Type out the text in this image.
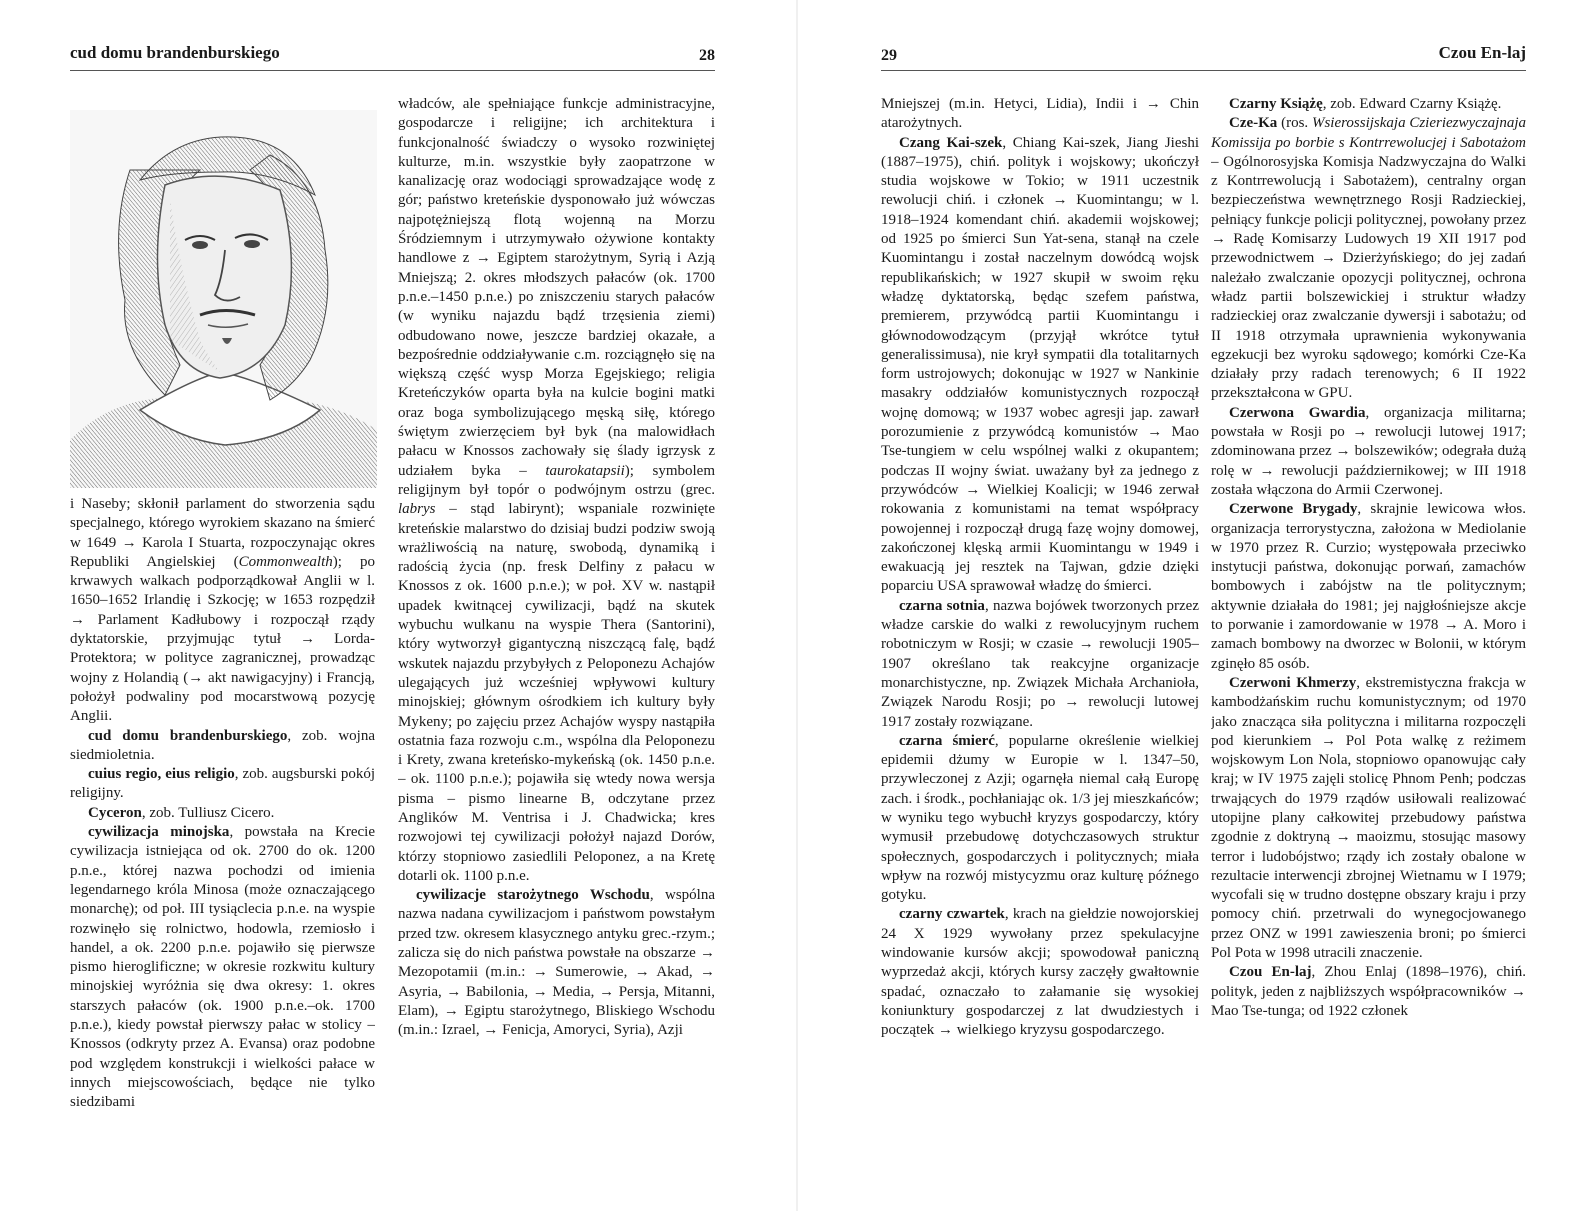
cud domu brandenburskiego	28

i Naseby; skłonił parlament do stworzenia sądu specjalnego, którego wyrokiem skazano na śmierć w 1649 → Karola I Stuarta, rozpoczynając okres Republiki Angielskiej (Commonwealth); po krwawych walkach podporządkował Anglii w l. 1650–1652 Irlandię i Szkocję; w 1653 rozpędził → Parlament Kadłubowy i rozpoczął rządy dyktatorskie, przyjmując tytuł → Lorda-Protektora; w polityce zagranicznej, prowadząc wojny z Holandią (→ akt nawigacyjny) i Francją, położył podwaliny pod mocarstwową pozycję Anglii.

cud domu brandenburskiego, zob. wojna siedmioletnia.

cuius regio, eius religio, zob. augsburski pokój religijny.

Cyceron, zob. Tulliusz Cicero.

cywilizacja minojska, powstała na Krecie cywilizacja istniejąca od ok. 2700 do ok. 1200 p.n.e., której nazwa pochodzi od imienia legendarnego króla Minosa (może oznaczającego monarchę); od poł. III tysiąclecia p.n.e. na wyspie rozwinęło się rolnictwo, hodowla, rzemiosło i handel, a ok. 2200 p.n.e. pojawiło się pierwsze pismo hieroglificzne; w okresie rozkwitu kultury minojskiej wyróżnia się dwa okresy: 1. okres starszych pałaców (ok. 1900 p.n.e.–ok. 1700 p.n.e.), kiedy powstał pierwszy pałac w stolicy – Knossos (odkryty przez A. Evansa) oraz podobne pod względem konstrukcji i wielkości pałace w innych miejscowościach, będące nie tylko siedzibami

władców, ale spełniające funkcje administracyjne, gospodarcze i religijne; ich architektura i funkcjonalność świadczy o wysoko rozwiniętej kulturze, m.in. wszystkie były zaopatrzone w kanalizację oraz wodociągi sprowadzające wodę z gór; państwo kreteńskie dysponowało już wówczas najpotężniejszą flotą wojenną na Morzu Śródziemnym i utrzymywało ożywione kontakty handlowe z → Egiptem starożytnym, Syrią i Azją Mniejszą; 2. okres młodszych pałaców (ok. 1700 p.n.e.–1450 p.n.e.) po zniszczeniu starych pałaców (w wyniku najazdu bądź trzęsienia ziemi) odbudowano nowe, jeszcze bardziej okazałe, a bezpośrednie oddziaływanie c.m. rozciągnęło się na większą część wysp Morza Egejskiego; religia Kreteńczyków oparta była na kulcie bogini matki oraz boga symbolizującego męską siłę, którego świętym zwierzęciem był byk (na malowidłach pałacu w Knossos zachowały się ślady igrzysk z udziałem byka – taurokatapsii); symbolem religijnym był topór o podwójnym ostrzu (grec. labrys – stąd labirynt); wspaniale rozwinięte kreteńskie malarstwo do dzisiaj budzi podziw swoją wrażliwością na naturę, swobodą, dynamiką i radością życia (np. fresk Delfiny z pałacu w Knossos z ok. 1600 p.n.e.); w poł. XV w. nastąpił upadek kwitnącej cywilizacji, bądź na skutek wybuchu wulkanu na wyspie Thera (Santorini), który wytworzył gigantyczną niszczącą falę, bądź wskutek najazdu przybyłych z Peloponezu Achajów ulegających już wcześniej wpływowi kultury minojskiej; głównym ośrodkiem ich kultury były Mykeny; po zajęciu przez Achajów wyspy nastąpiła ostatnia faza rozwoju c.m., wspólna dla Peloponezu i Krety, zwana kreteńsko-mykeńską (ok. 1450 p.n.e. – ok. 1100 p.n.e.); pojawiła się wtedy nowa wersja pisma – pismo linearne B, odczytane przez Anglików M. Ventrisa i J. Chadwicka; kres rozwojowi tej cywilizacji położył najazd Dorów, którzy stopniowo zasiedlili Peloponez, a na Kretę dotarli ok. 1100 p.n.e.

cywilizacje starożytnego Wschodu, wspólna nazwa nadana cywilizacjom i państwom powstałym przed tzw. okresem klasycznego antyku grec.-rzym.; zalicza się do nich państwa powstałe na obszarze → Mezopotamii (m.in.: → Sumerowie, → Akad, → Asyria, → Babilonia, → Media, → Persja, Mitanni, Elam), → Egiptu starożytnego, Bliskiego Wschodu (m.in.: Izrael, → Fenicja, Amoryci, Syria), Azji

29	Czou En-laj

Mniejszej (m.in. Hetyci, Lidia), Indii i → Chin atarożytnych.

Czang Kai-szek, Chiang Kai-szek, Jiang Jieshi (1887–1975), chiń. polityk i wojskowy; ukończył studia wojskowe w Tokio; w 1911 uczestnik rewolucji chiń. i członek → Kuomintangu; w l. 1918–1924 komendant chiń. akademii wojskowej; od 1925 po śmierci Sun Yat-sena, stanął na czele Kuomintangu i został naczelnym dowódcą wojsk republikańskich; w 1927 skupił w swoim ręku władzę dyktatorską, będąc szefem państwa, premierem, przywódcą partii Kuomintangu i głównodowodzącym (przyjął wkrótce tytuł generalissimusa), nie krył sympatii dla totalitarnych form ustrojowych; dokonując w 1927 w Nankinie masakry oddziałów komunistycznych rozpoczął wojnę domową; w 1937 wobec agresji jap. zawarł porozumienie z przywódcą komunistów → Mao Tse-tungiem w celu wspólnej walki z okupantem; podczas II wojny świat. uważany był za jednego z przywódców → Wielkiej Koalicji; w 1946 zerwał rokowania z komunistami na temat współpracy powojennej i rozpoczął drugą fazę wojny domowej, zakończonej klęską armii Kuomintangu w 1949 i ewakuacją jej resztek na Tajwan, gdzie dzięki poparciu USA sprawował władzę do śmierci.

czarna sotnia, nazwa bojówek tworzonych przez władze carskie do walki z rewolucyjnym ruchem robotniczym w Rosji; w czasie → rewolucji 1905–1907 określano tak reakcyjne organizacje monarchistyczne, np. Związek Michała Archanioła, Związek Narodu Rosji; po → rewolucji lutowej 1917 zostały rozwiązane.

czarna śmierć, popularne określenie wielkiej epidemii dżumy w Europie w l. 1347–50, przywleczonej z Azji; ogarnęła niemal całą Europę zach. i środk., pochłaniając ok. 1/3 jej mieszkańców; w wyniku tego wybuchł kryzys gospodarczy, który wymusił przebudowę dotychczasowych struktur społecznych, gospodarczych i politycznych; miała wpływ na rozwój mistycyzmu oraz kulturę późnego gotyku.

czarny czwartek, krach na giełdzie nowojorskiej 24 X 1929 wywołany przez spekulacyjne windowanie kursów akcji; spowodował paniczną wyprzedaż akcji, których kursy zaczęły gwałtownie spadać, oznaczało to załamanie się wysokiej koniunktury gospodarczej z lat dwudziestych i początek → wielkiego kryzysu gospodarczego.

Czarny Książę, zob. Edward Czarny Książę.

Cze-Ka (ros. Wsierossijskaja Czieriezwyczajnaja Komissija po borbie s Kontrrewolucjej i Sabotażom – Ogólnorosyjska Komisja Nadzwyczajna do Walki z Kontrrewolucją i Sabotażem), centralny organ bezpieczeństwa wewnętrznego Rosji Radzieckiej, pełniący funkcje policji politycznej, powołany przez → Radę Komisarzy Ludowych 19 XII 1917 pod przewodnictwem → Dzierżyńskiego; do jej zadań należało zwalczanie opozycji politycznej, ochrona władz partii bolszewickiej i struktur władzy radzieckiej oraz zwalczanie dywersji i sabotażu; od II 1918 otrzymała uprawnienia wykonywania egzekucji bez wyroku sądowego; komórki Cze-Ka działały przy radach terenowych; 6 II 1922 przekształcona w GPU.

Czerwona Gwardia, organizacja militarna; powstała w Rosji po → rewolucji lutowej 1917; zdominowana przez → bolszewików; odegrała dużą rolę w → rewolucji październikowej; w III 1918 została włączona do Armii Czerwonej.

Czerwone Brygady, skrajnie lewicowa włos. organizacja terrorystyczna, założona w Mediolanie w 1970 przez R. Curzio; występowała przeciwko instytucji państwa, dokonując porwań, zamachów bombowych i zabójstw na tle politycznym; aktywnie działała do 1981; jej najgłośniejsze akcje to porwanie i zamordowanie w 1978 → A. Moro i zamach bombowy na dworzec w Bolonii, w którym zginęło 85 osób.

Czerwoni Khmerzy, ekstremistyczna frakcja w kambodżańskim ruchu komunistycznym; od 1970 jako znacząca siła polityczna i militarna rozpoczęli pod kierunkiem → Pol Pota walkę z reżimem wojskowym Lon Nola, stopniowo opanowując cały kraj; w IV 1975 zajęli stolicę Phnom Penh; podczas trwających do 1979 rządów usiłowali realizować utopijne plany całkowitej przebudowy państwa zgodnie z doktryną → maoizmu, stosując masowy terror i ludobójstwo; rządy ich zostały obalone w rezultacie interwencji zbrojnej Wietnamu w I 1979; wycofali się w trudno dostępne obszary kraju i przy pomocy chiń. przetrwali do wynegocjowanego przez ONZ w 1991 zawieszenia broni; po śmierci Pol Pota w 1998 utracili znaczenie.

Czou En-laj, Zhou Enlaj (1898–1976), chiń. polityk, jeden z najbliższych współpracowników → Mao Tse-tunga; od 1922 członek
